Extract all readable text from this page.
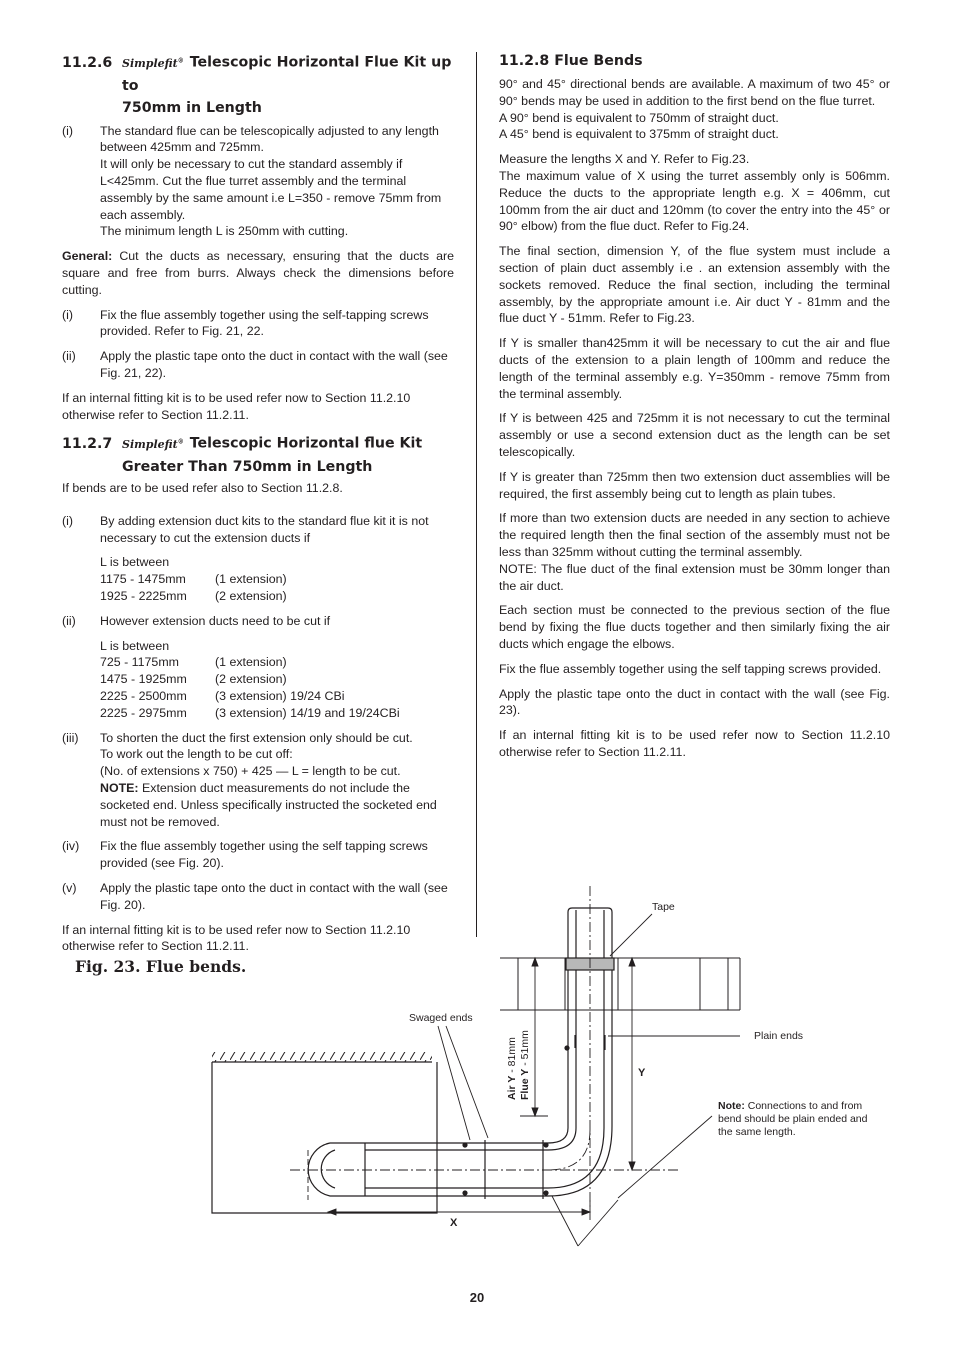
11.2.6 Simplefit® Telescopic Horizontal Flue Kit up to
750mm in Length
(i)	The standard flue can be telescopically adjusted to any length between 425mm and 725mm.
It will only be necessary to cut the standard assembly if L<425mm. Cut the flue turret assembly and the terminal assembly by the same amount i.e L=350 - remove 75mm from each assembly.
The minimum length L is 250mm with cutting.

General: Cut the ducts as necessary, ensuring that the ducts are square and free from burrs. Always check the dimensions before cutting.

(i)	Fix the flue assembly together using the self-tapping screws provided. Refer to Fig. 21, 22.
(ii)	Apply the plastic tape onto the duct in contact with the wall (see Fig. 21, 22).

If an internal fitting kit is to be used refer now to Section 11.2.10 otherwise refer to Section 11.2.11.

11.2.7 Simplefit® Telescopic Horizontal flue Kit
Greater Than 750mm in Length

If bends are to be used refer also to Section 11.2.8.

(i)	By adding extension duct kits to the standard flue kit it is not necessary to cut the extension ducts if
L is between
1175 - 1475mm	(1 extension)
1925 - 2225mm	(2 extension)
(ii)	However extension ducts need to be cut if
L is between
725 - 1175mm	(1 extension)
1475 - 1925mm	(2 extension)
2225 - 2500mm	(3 extension) 19/24 CBi
2225 - 2975mm	(3 extension) 14/19 and 19/24CBi
(iii)	To shorten the duct the first extension only should be cut.
To work out the length to be cut off:
(No. of extensions x 750) + 425 — L = length to be cut.
NOTE: Extension duct measurements do not include the socketed end. Unless specifically instructed the socketed end must not be removed.
(iv)	Fix the flue assembly together using the self tapping screws provided (see Fig. 20).
(v)	Apply the plastic tape onto the duct in contact with the wall (see Fig. 20).

If an internal fitting kit is to be used refer now to Section 11.2.10 otherwise refer to Section 11.2.11.

11.2.8 Flue Bends

90° and 45° directional bends are available. A maximum of two 45° or 90° bends may be used in addition to the first bend on the flue turret.
A 90° bend is equivalent to 750mm of straight duct.
A 45° bend is equivalent to 375mm of straight duct.

Measure the lengths X and Y. Refer to Fig.23.
The maximum value of X using the turret assembly only is 506mm. Reduce the ducts to the appropriate length e.g. X = 406mm, cut 100mm from the air duct and 120mm (to cover the entry into the 45° or 90° elbow) from the flue duct. Refer to Fig.24.

The final section, dimension Y, of the flue system must include a section of plain duct assembly i.e . an extension assembly with the sockets removed. Reduce the final section, including the terminal assembly, by the appropriate amount i.e. Air duct Y - 81mm and the flue duct Y - 51mm. Refer to Fig.23.

If Y is smaller than425mm it will be necessary to cut the air and flue ducts of the extension to a plain length of 100mm and reduce the length of the terminal assembly e.g. Y=350mm - remove 75mm from the terminal assembly.

If Y is between 425 and 725mm it is not necessary to cut the terminal assembly or use a second extension duct as the length can be set telescopically.

If Y is greater than 725mm then two extension duct assemblies will be required, the first assembly being cut to length as plain tubes.

If more than two extension ducts are needed in any section to achieve the required length then the final section of the assembly must not be less than 325mm without cutting the terminal assembly.
NOTE: The flue duct of the final extension must be 30mm longer than the air duct.

Each section must be connected to the previous section of the flue bend by fixing the flue ducts together and then similarly fixing the air ducts which engage the elbows.

Fix the flue assembly together using the self tapping screws provided.

Apply the plastic tape onto the duct in contact with the wall (see Fig. 23).

If an internal fitting kit is to be used refer now to Section 11.2.10 otherwise refer to Section 11.2.11.

Fig. 23. Flue bends.
Tape
Swaged ends
Plain ends
Y
X
Air Y - 81mm
Flue Y - 51mm
Note: Connections to and from
bend should be plain ended and
the same length.
20
